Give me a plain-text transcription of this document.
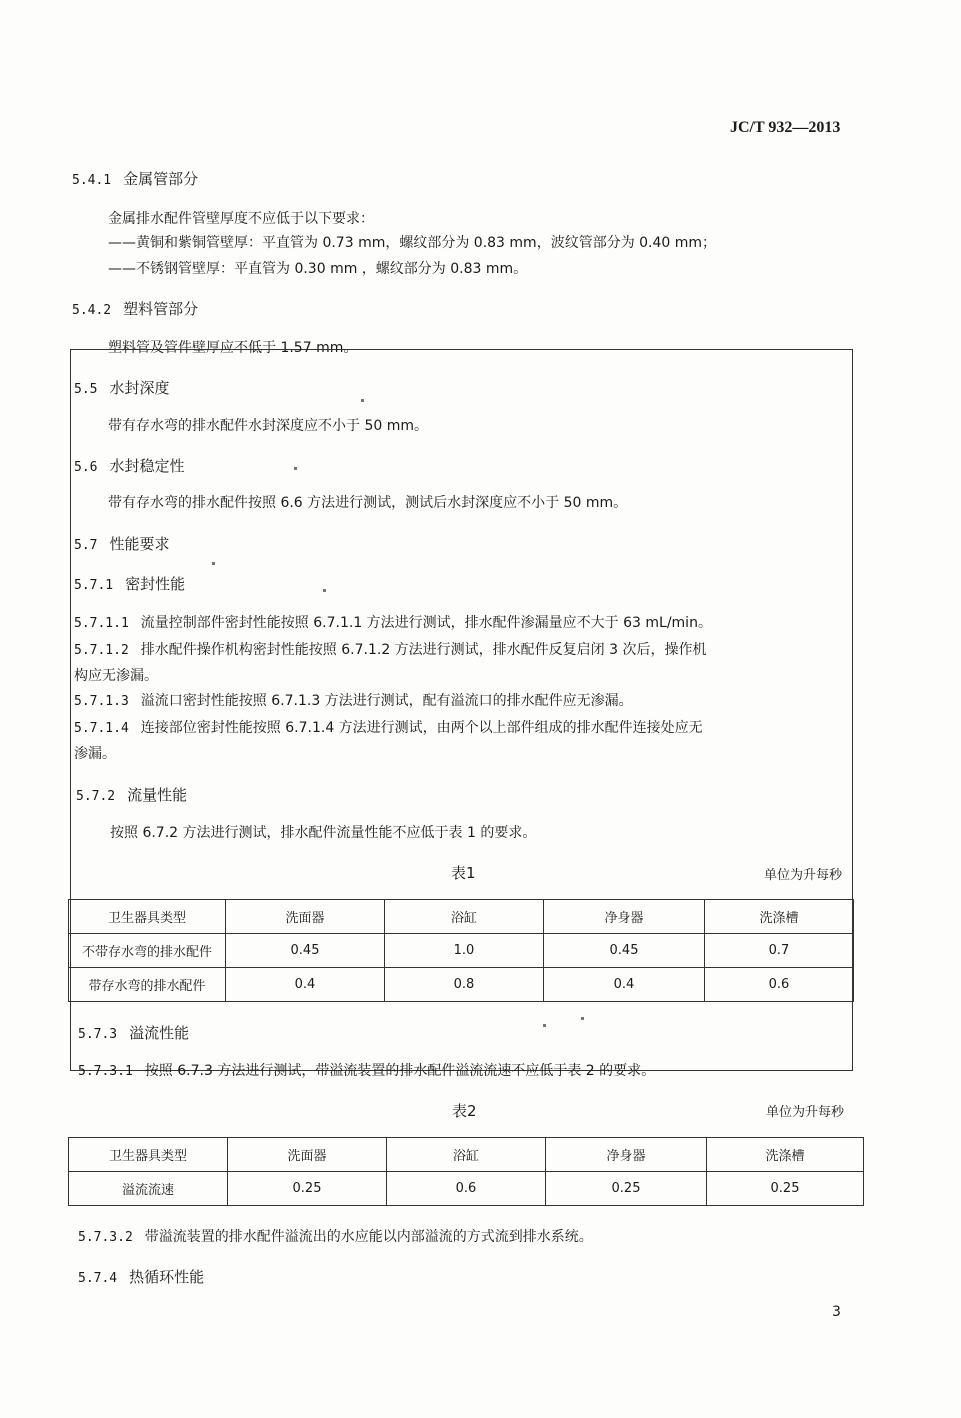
JC/T 932—2013
5.4.1 金属管部分
金属排水配件管壁厚度不应低于以下要求：
——黄铜和紫铜管壁厚：平直管为 0.73 mm，螺纹部分为 0.83 mm，波纹管部分为 0.40 mm；
——不锈钢管壁厚：平直管为 0.30 mm ，螺纹部分为 0.83 mm。
5.4.2 塑料管部分
塑料管及管件壁厚应不低于 1.57 mm。
5.5 水封深度
带有存水弯的排水配件水封深度应不小于 50 mm。
5.6 水封稳定性
带有存水弯的排水配件按照 6.6 方法进行测试，测试后水封深度应不小于 50 mm。
5.7 性能要求
5.7.1 密封性能
5.7.1.1 流量控制部件密封性能按照 6.7.1.1 方法进行测试，排水配件渗漏量应不大于 63 mL/min。
5.7.1.2 排水配件操作机构密封性能按照 6.7.1.2 方法进行测试，排水配件反复启闭 3 次后，操作机
构应无渗漏。
5.7.1.3 溢流口密封性能按照 6.7.1.3 方法进行测试，配有溢流口的排水配件应无渗漏。
5.7.1.4 连接部位密封性能按照 6.7.1.4 方法进行测试，由两个以上部件组成的排水配件连接处应无
渗漏。
5.7.2 流量性能
按照 6.7.2 方法进行测试，排水配件流量性能不应低于表 1 的要求。
表1	单位为升每秒
卫生器具类型	洗面器	浴缸	净身器	洗涤槽
不带存水弯的排水配件	0.45	1.0	0.45	0.7
带存水弯的排水配件	0.4	0.8	0.4	0.6
5.7.3 溢流性能
5.7.3.1 按照 6.7.3 方法进行测试，带溢流装置的排水配件溢流流速不应低于表 2 的要求。
表2	单位为升每秒
卫生器具类型	洗面器	浴缸	净身器	洗涤槽
溢流流速	0.25	0.6	0.25	0.25
5.7.3.2 带溢流装置的排水配件溢流出的水应能以内部溢流的方式流到排水系统。
5.7.4 热循环性能
3
